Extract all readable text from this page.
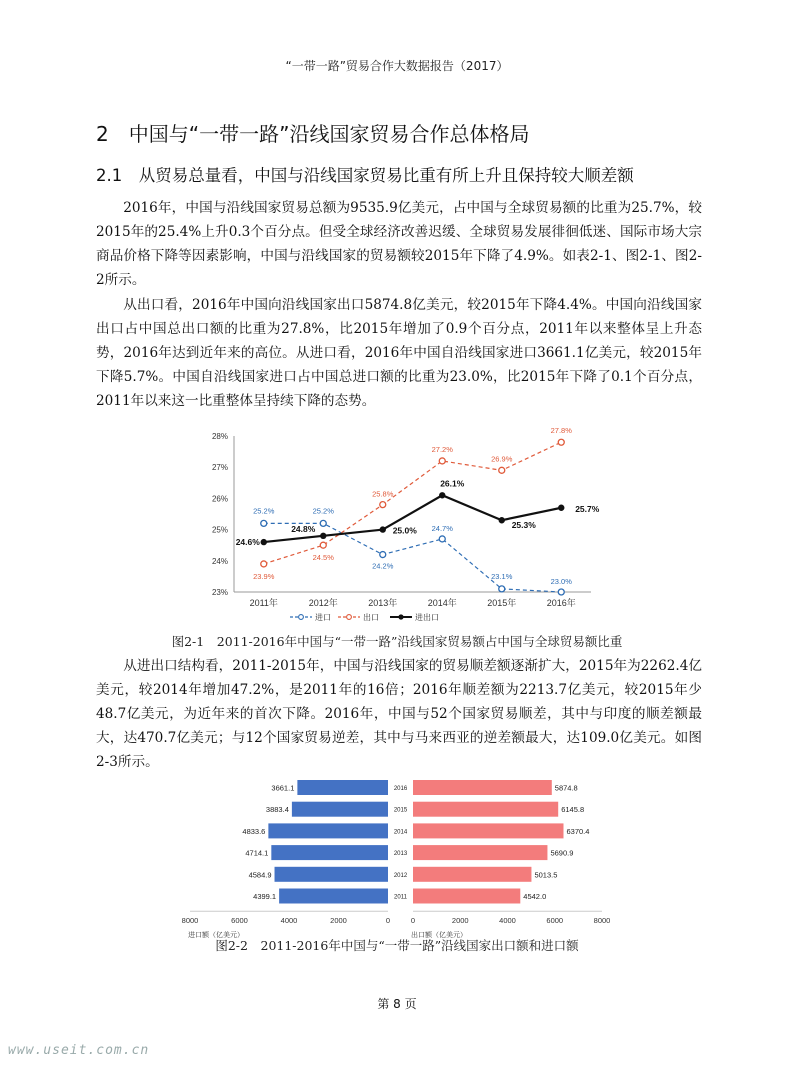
“一带一路”贸易合作大数据报告（2017）
2　中国与“一带一路”沿线国家贸易合作总体格局
2.1　从贸易总量看，中国与沿线国家贸易比重有所上升且保持较大顺差额

2016年，中国与沿线国家贸易总额为9535.9亿美元，占中国与全球贸易额的比重为25.7%，较2015年的25.4%上升0.3个百分点。但受全球经济改善迟缓、全球贸易发展徘徊低迷、国际市场大宗商品价格下降等因素影响，中国与沿线国家的贸易额较2015年下降了4.9%。如表2-1、图2-1、图2-2所示。

从出口看，2016年中国向沿线国家出口5874.8亿美元，较2015年下降4.4%。中国向沿线国家出口占中国总出口额的比重为27.8%，比2015年增加了0.9个百分点，2011年以来整体呈上升态势，2016年达到近年来的高位。从进口看，2016年中国自沿线国家进口3661.1亿美元，较2015年下降5.7%。中国自沿线国家进口占中国总进口额的比重为23.0%，比2015年下降了0.1个百分点，2011年以来这一比重整体呈持续下降的态势。

23%
24%
25%
26%
27%
28%
2011年	2012年	2013年	2014年	2015年	2016年
25.2%	25.2%
24.2%
24.7%
23.1%
23.0%
23.9%
24.5%
25.8%
27.2%
26.9%
27.8%
24.6%
24.8%	25.0%
26.1%
25.3%
25.7%
进口	出口	进出口
图2-1　2011-2016年中国与“一带一路”沿线国家贸易额占中国与全球贸易额比重

从进出口结构看，2011-2015年，中国与沿线国家的贸易顺差额逐渐扩大，2015年为2262.4亿美元，较2014年增加47.2%，是2011年的16倍；2016年顺差额为2213.7亿美元，较2015年少48.7亿美元，为近年来的首次下降。2016年，中国与52个国家贸易顺差，其中与印度的顺差额最大，达470.7亿美元；与12个国家贸易逆差，其中与马来西亚的逆差额最大，达109.0亿美元。如图2-3所示。

3661.1	5874.8
2016
3883.4	6145.8
2015
4833.6	6370.4
2014
4714.1	5690.9
2013
4584.9	5013.5
2012
4399.1	4542.0
2011
8000	6000	4000	2000	0	0	2000	4000	6000	8000
进口额（亿美元）	出口额（亿美元）
图2-2　2011-2016年中国与“一带一路”沿线国家出口额和进口额
第 8 页
www.useit.com.cn
